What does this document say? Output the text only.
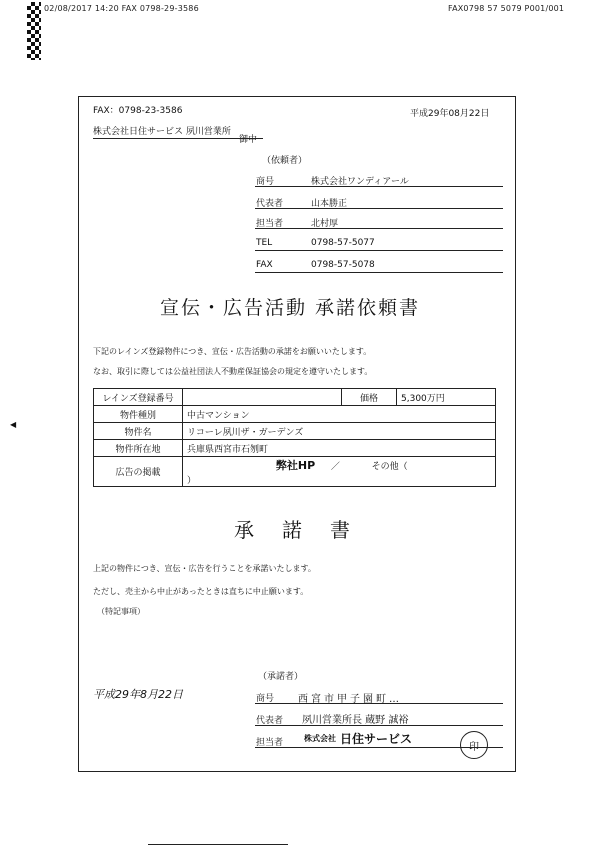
02/08/2017 14:20 FAX 0798-29-3586	FAX0798 57 5079 P001/001
◀
FAX：0798-23-3586
株式会社日住サービス 夙川営業所
御中
平成29年08月22日
（依頼者）
商号	株式会社ワンディアール
代表者	山本勝正
担当者	北村厚
TEL	0798-57-5077
FAX	0798-57-5078
宣伝・広告活動 承諾依頼書
下記のレインズ登録物件につき、宣伝・広告活動の承諾をお願いいたします。
なお、取引に際しては公益社団法人不動産保証協会の規定を遵守いたします。
レインズ登録番号		価格	5,300万円
物件種別	中古マンション		
物件名	リコーレ夙川ザ・ガーデンズ		
物件所在地	兵庫県西宮市石刎町		
広告の掲載	弊社HP ／ その他（  ）		
承　諾　書
上記の物件につき、宣伝・広告を行うことを承諾いたします。
ただし、売主から中止があったときは直ちに中止願います。
（特記事項）
（承諾者）
平成29年8月22日	商号 西宮市甲子園町…
代表者 夙川営業所長 蔵野 誠裕
担当者	株式会社 日住サービス
印
